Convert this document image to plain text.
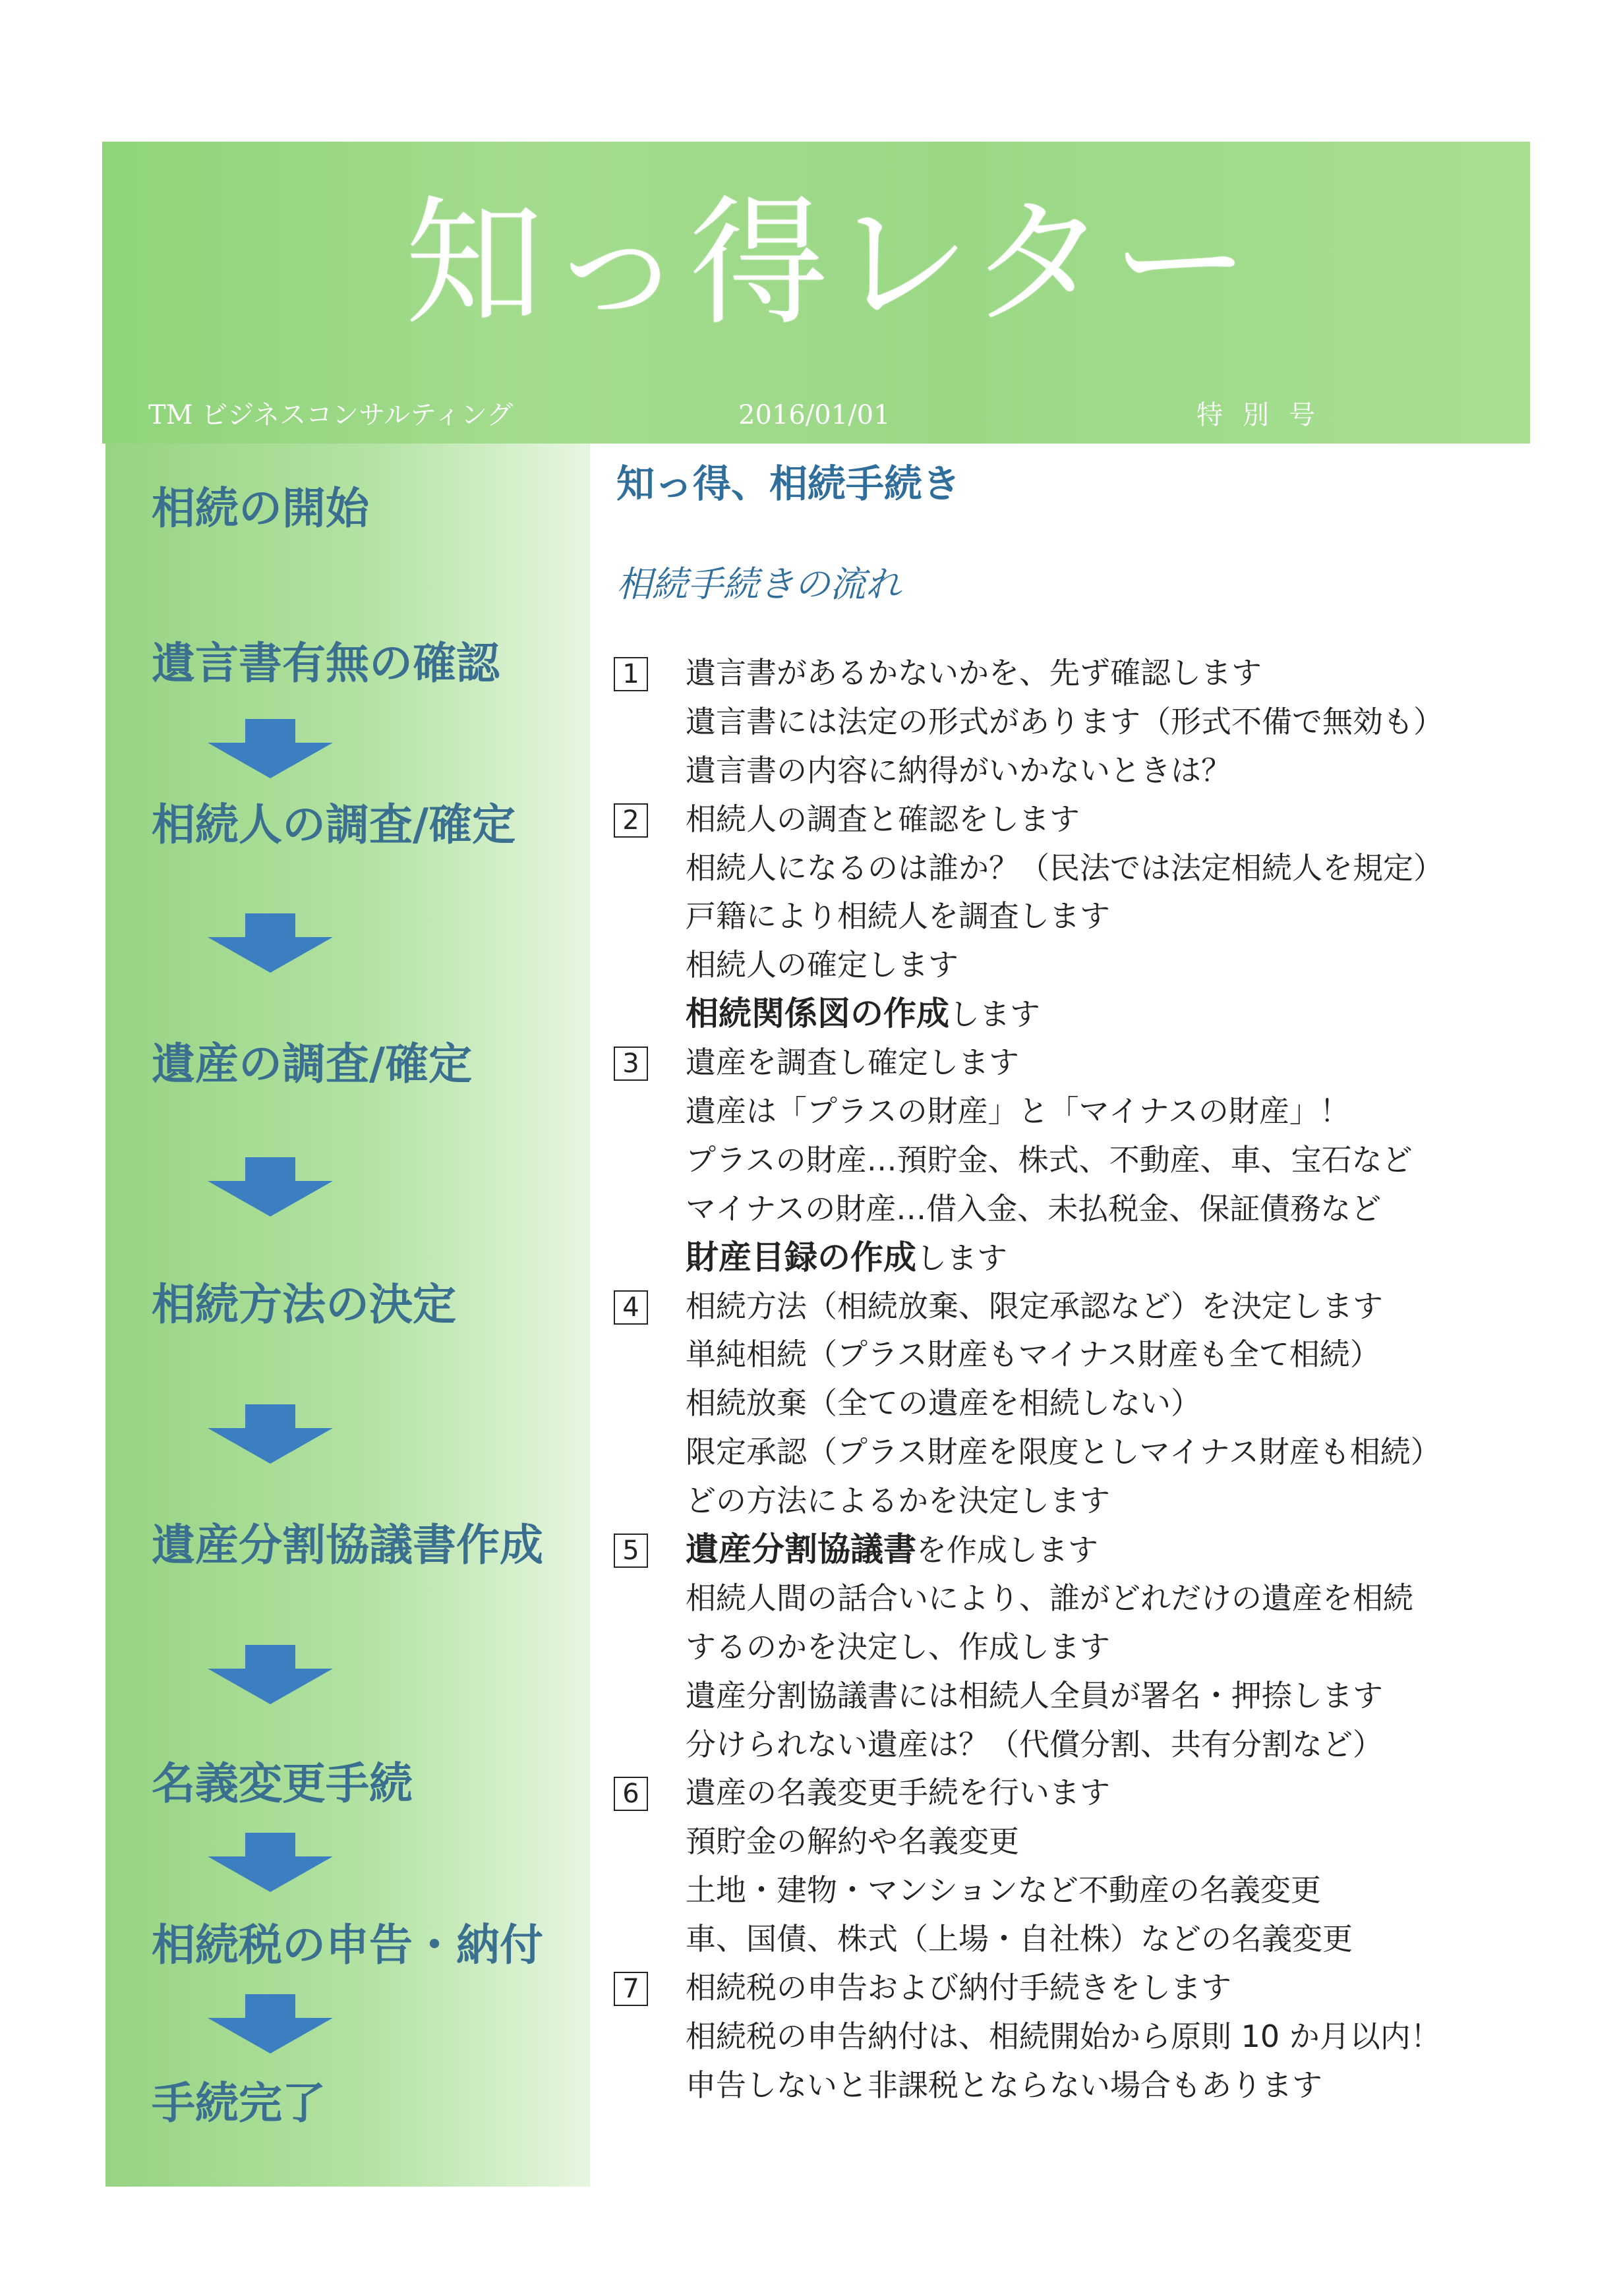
知っ得レター
TM ビジネスコンサルティング	2016/01/01	特別号
相続の開始
遺言書有無の確認
相続人の調査/確定
遺産の調査/確定
相続方法の決定
遺産分割協議書作成
名義変更手続
相続税の申告・納付
手続完了
知っ得、相続手続き
相続手続きの流れ
1 遺言書があるかないかを、先ず確認します
遺言書には法定の形式があります（形式不備で無効も）
遺言書の内容に納得がいかないときは？
2 相続人の調査と確認をします
相続人になるのは誰か？（民法では法定相続人を規定）
戸籍により相続人を調査します
相続人の確定します
相続関係図の作成します
3 遺産を調査し確定します
遺産は「プラスの財産」と「マイナスの財産」！
プラスの財産…預貯金、株式、不動産、車、宝石など
マイナスの財産…借入金、未払税金、保証債務など
財産目録の作成します
4 相続方法（相続放棄、限定承認など）を決定します
単純相続（プラス財産もマイナス財産も全て相続）
相続放棄（全ての遺産を相続しない）
限定承認（プラス財産を限度としマイナス財産も相続）
どの方法によるかを決定します
5 遺産分割協議書を作成します
相続人間の話合いにより、誰がどれだけの遺産を相続
するのかを決定し、作成します
遺産分割協議書には相続人全員が署名・押捺します
分けられない遺産は？（代償分割、共有分割など）
6 遺産の名義変更手続を行います
預貯金の解約や名義変更
土地・建物・マンションなど不動産の名義変更
車、国債、株式（上場・自社株）などの名義変更
7 相続税の申告および納付手続きをします
相続税の申告納付は、相続開始から原則 10 か月以内！
申告しないと非課税とならない場合もあります
